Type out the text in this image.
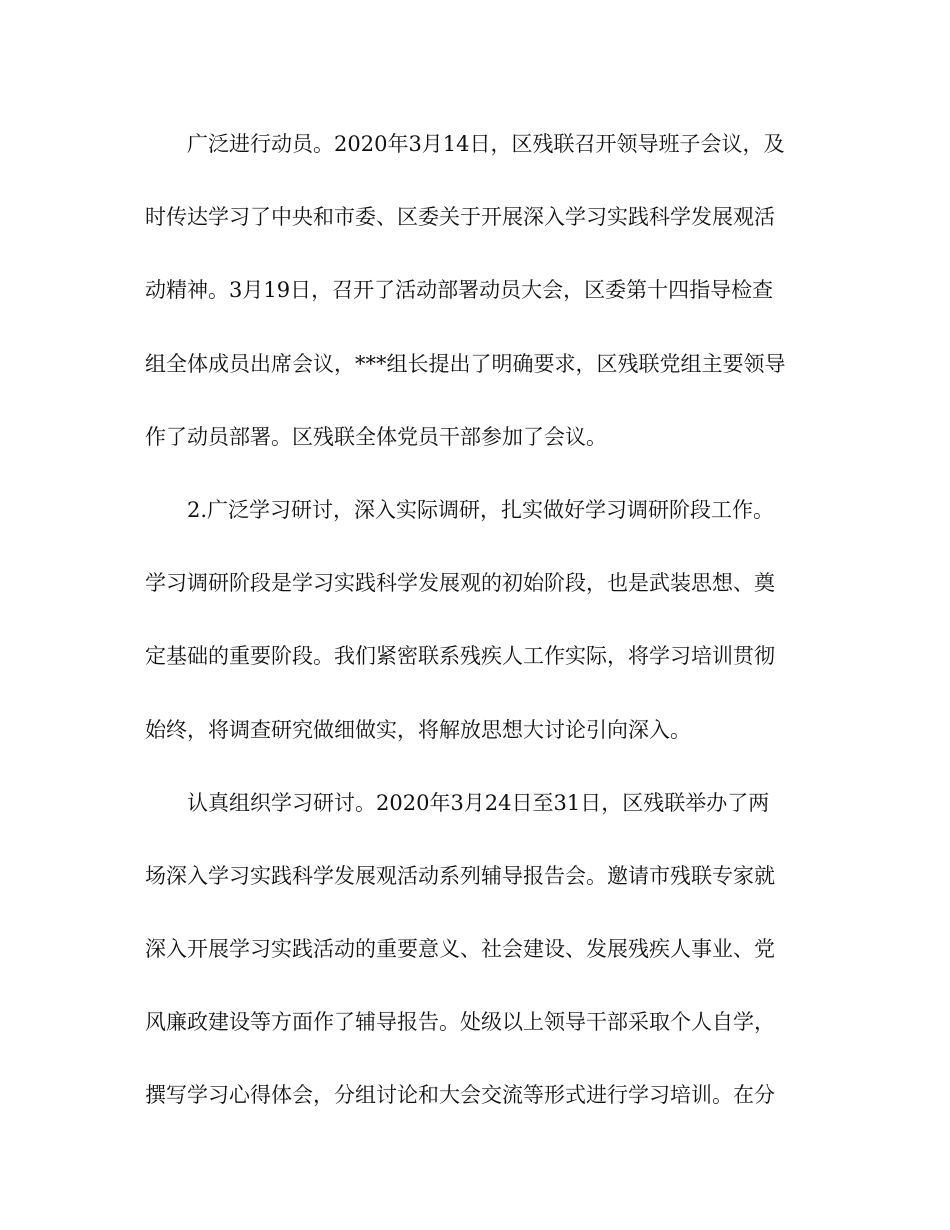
广泛进行动员。2020年3月14日，区残联召开领导班子会议，及
时传达学习了中央和市委、区委关于开展深入学习实践科学发展观活
动精神。3月19日，召开了活动部署动员大会，区委第十四指导检查
组全体成员出席会议，***组长提出了明确要求，区残联党组主要领导
作了动员部署。区残联全体党员干部参加了会议。
2.广泛学习研讨，深入实际调研，扎实做好学习调研阶段工作。
学习调研阶段是学习实践科学发展观的初始阶段，也是武装思想、奠
定基础的重要阶段。我们紧密联系残疾人工作实际，将学习培训贯彻
始终，将调查研究做细做实，将解放思想大讨论引向深入。
认真组织学习研讨。2020年3月24日至31日，区残联举办了两
场深入学习实践科学发展观活动系列辅导报告会。邀请市残联专家就
深入开展学习实践活动的重要意义、社会建设、发展残疾人事业、党
风廉政建设等方面作了辅导报告。处级以上领导干部采取个人自学，
撰写学习心得体会，分组讨论和大会交流等形式进行学习培训。在分
